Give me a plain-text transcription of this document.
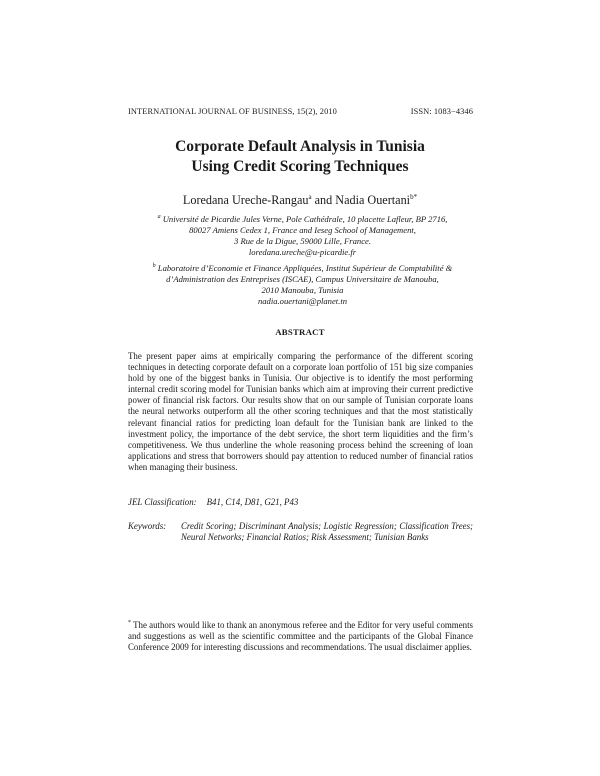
INTERNATIONAL JOURNAL OF BUSINESS, 15(2), 2010	ISSN: 1083−4346
Corporate Default Analysis in Tunisia
Using Credit Scoring Techniques
Loredana Ureche-Rangau$^a$ and Nadia Ouertani$^{b*}$
$^a$ Université de Picardie Jules Verne, Pole Cathédrale, 10 placette Lafleur, BP 2716,
80027 Amiens Cedex 1, France and Ieseg School of Management,
3 Rue de la Digue, 59000 Lille, France.
loredana.ureche@u-picardie.fr
$^b$ Laboratoire d’Economie et Finance Appliquées, Institut Supérieur de Comptabilité &
d’Administration des Entreprises (ISCAE), Campus Universitaire de Manouba,
2010 Manouba, Tunisia
nadia.ouertani@planet.tn
ABSTRACT
The present paper aims at empirically comparing the performance of the different scoring techniques in detecting corporate default on a corporate loan portfolio of 151 big size companies hold by one of the biggest banks in Tunisia. Our objective is to identify the most performing internal credit scoring model for Tunisian banks which aim at improving their current predictive power of financial risk factors. Our results show that on our sample of Tunisian corporate loans the neural networks outperform all the other scoring techniques and that the most statistically relevant financial ratios for predicting loan default for the Tunisian bank are linked to the investment policy, the importance of the debt service, the short term liquidities and the firm’s competitiveness. We thus underline the whole reasoning process behind the screening of loan applications and stress that borrowers should pay attention to reduced number of financial ratios when managing their business.
JEL Classification: B41, C14, D81, G21, P43
Keywords: Credit Scoring; Discriminant Analysis; Logistic Regression; Classification Trees; Neural Networks; Financial Ratios; Risk Assessment; Tunisian Banks
* The authors would like to thank an anonymous referee and the Editor for very useful comments and suggestions as well as the scientific committee and the participants of the Global Finance Conference 2009 for interesting discussions and recommendations. The usual disclaimer applies.
